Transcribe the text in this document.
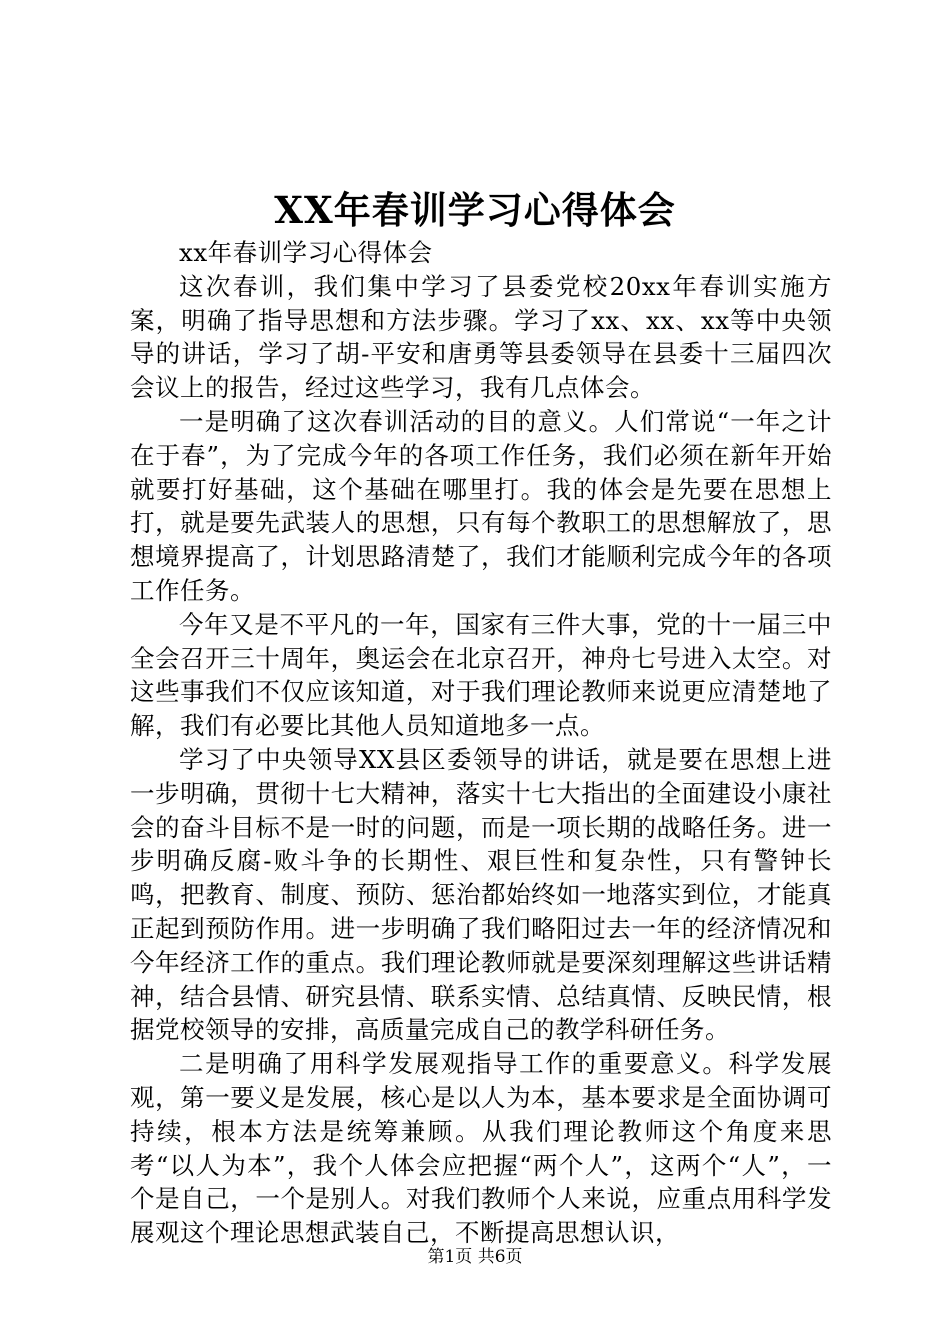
XX年春训学习心得体会

xx年春训学习心得体会

这次春训，我们集中学习了县委党校20xx年春训实施方案，明确了指导思想和方法步骤。学习了xx、xx、xx等中央领导的讲话，学习了胡-平安和唐勇等县委领导在县委十三届四次会议上的报告，经过这些学习，我有几点体会。

一是明确了这次春训活动的目的意义。人们常说“一年之计在于春”，为了完成今年的各项工作任务，我们必须在新年开始就要打好基础，这个基础在哪里打。我的体会是先要在思想上打，就是要先武装人的思想，只有每个教职工的思想解放了，思想境界提高了，计划思路清楚了，我们才能顺利完成今年的各项工作任务。

今年又是不平凡的一年，国家有三件大事，党的十一届三中全会召开三十周年，奥运会在北京召开，神舟七号进入太空。对这些事我们不仅应该知道，对于我们理论教师来说更应清楚地了解，我们有必要比其他人员知道地多一点。

学习了中央领导XX县区委领导的讲话，就是要在思想上进一步明确，贯彻十七大精神，落实十七大指出的全面建设小康社会的奋斗目标不是一时的问题，而是一项长期的战略任务。进一步明确反腐-败斗争的长期性、艰巨性和复杂性，只有警钟长鸣，把教育、制度、预防、惩治都始终如一地落实到位，才能真正起到预防作用。进一步明确了我们略阳过去一年的经济情况和今年经济工作的重点。我们理论教师就是要深刻理解这些讲话精神，结合县情、研究县情、联系实情、总结真情、反映民情，根据党校领导的安排，高质量完成自己的教学科研任务。

二是明确了用科学发展观指导工作的重要意义。科学发展观，第一要义是发展，核心是以人为本，基本要求是全面协调可持续，根本方法是统筹兼顾。从我们理论教师这个角度来思考“以人为本”，我个人体会应把握“两个人”，这两个“人”，一个是自己，一个是别人。对我们教师个人来说，应重点用科学发展观这个理论思想武装自己，不断提高思想认识，

第1页 共6页
